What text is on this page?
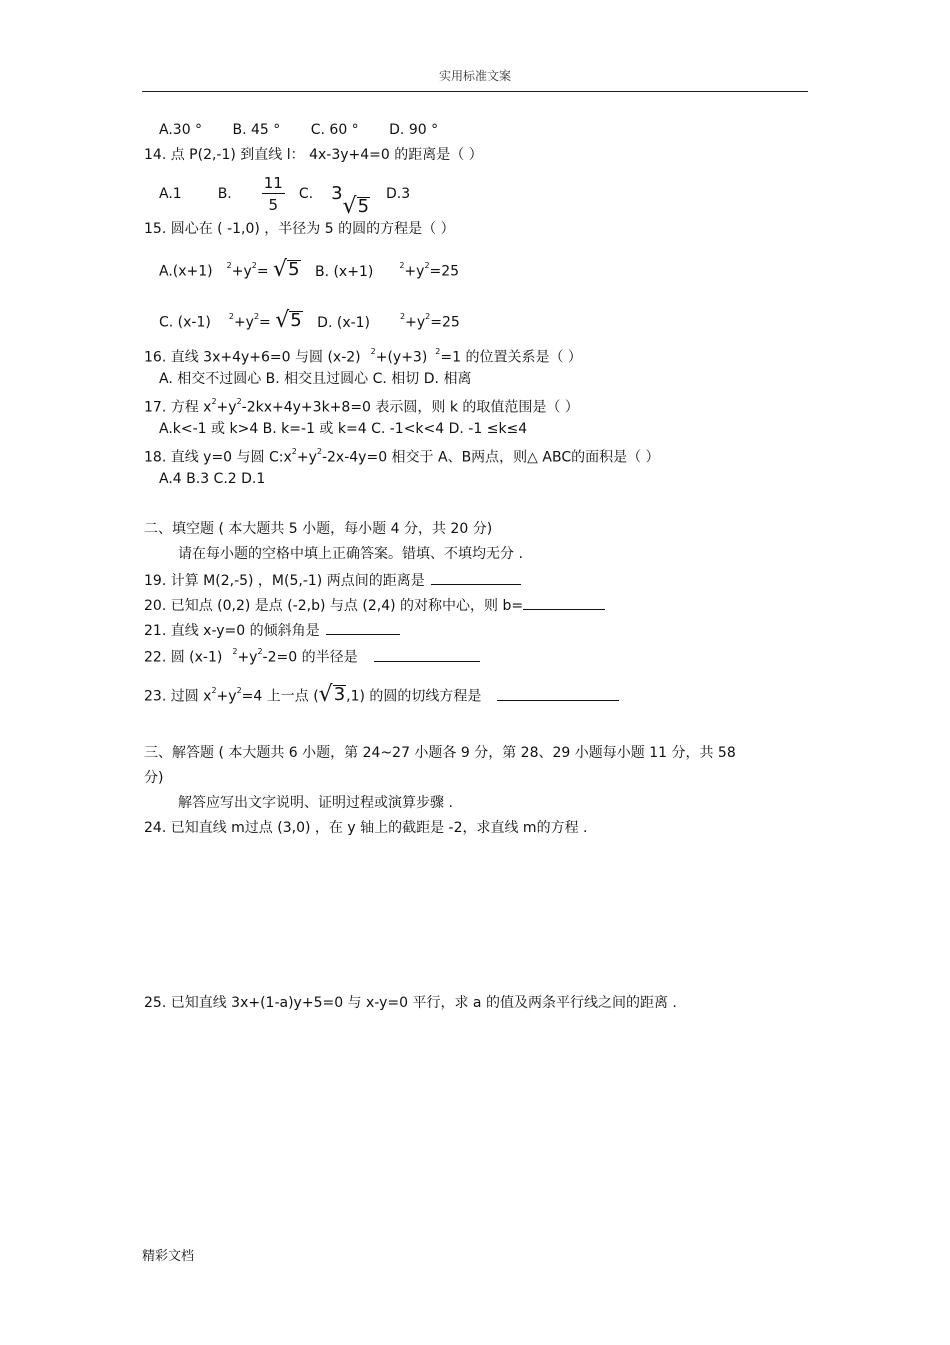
实用标准文案
A.30 ° B. 45 ° C. 60 ° D. 90 °
14. 点 P(2,-1) 到直线 l： 4x-3y+4=0 的距离是（ ）
A.1	B. $\frac{11}{5} C$. 3
√ 5
D.3
15. 圆心在 ( -1,0) ，半径为 5 的圆的方程是（ ）
A.(x+1) $^2+y^2=$ √ 5 B. (x+1)	$^2+y^2=25$
C. (x-1) $^2+y^2=$ √ 5 D. (x-1)	$^2+y^2=25$
16. 直线 3x+4y+6=0 与圆 (x-2) $^2$+(y+3) $^2$=1 的位置关系是（ ）
A. 相交不过圆心 B. 相交且过圆心 C. 相切 D. 相离
17. 方程 $x^2+y^2-2kx+4y+3k+8=0$ 表示圆，则 k 的取值范围是（ ）
A.k<-1 或 k>4 B. k=-1 或 k=4 C. -1<k<4 D. -1 ≤k≤4
18. 直线 y=0 与圆 $C:x^2+y^2-2x-4y=0$ 相交于 A、B两点，则△ ABC的面积是（ ）
A.4 B.3 C.2 D.1
二、填空题 ( 本大题共 5 小题，每小题 4 分，共 20 分)
请在每小题的空格中填上正确答案。错填、不填均无分 .
19. 计算 M(2,-5) ，M(5,-1) 两点间的距离是
20. 已知点 (0,2) 是点 (-2,b) 与点 (2,4) 的对称中心，则 b=
21. 直线 x-y=0 的倾斜角是
22. 圆 (x-1) $^2+y^2-2=0$ 的半径是
23. 过圆 $x^2+y^2=4$ 上一点 ( √ 3 ,1) 的圆的切线方程是
三、解答题 ( 本大题共 6 小题，第 24~27 小题各 9 分，第 28、29 小题每小题 11 分，共 58
分)
解答应写出文字说明、证明过程或演算步骤 .
24. 已知直线 m过点 (3,0) ，在 y 轴上的截距是 -2，求直线 m的方程 .
25. 已知直线 3x+(1-a)y+5=0 与 x-y=0 平行，求 a 的值及两条平行线之间的距离 .
精彩文档
